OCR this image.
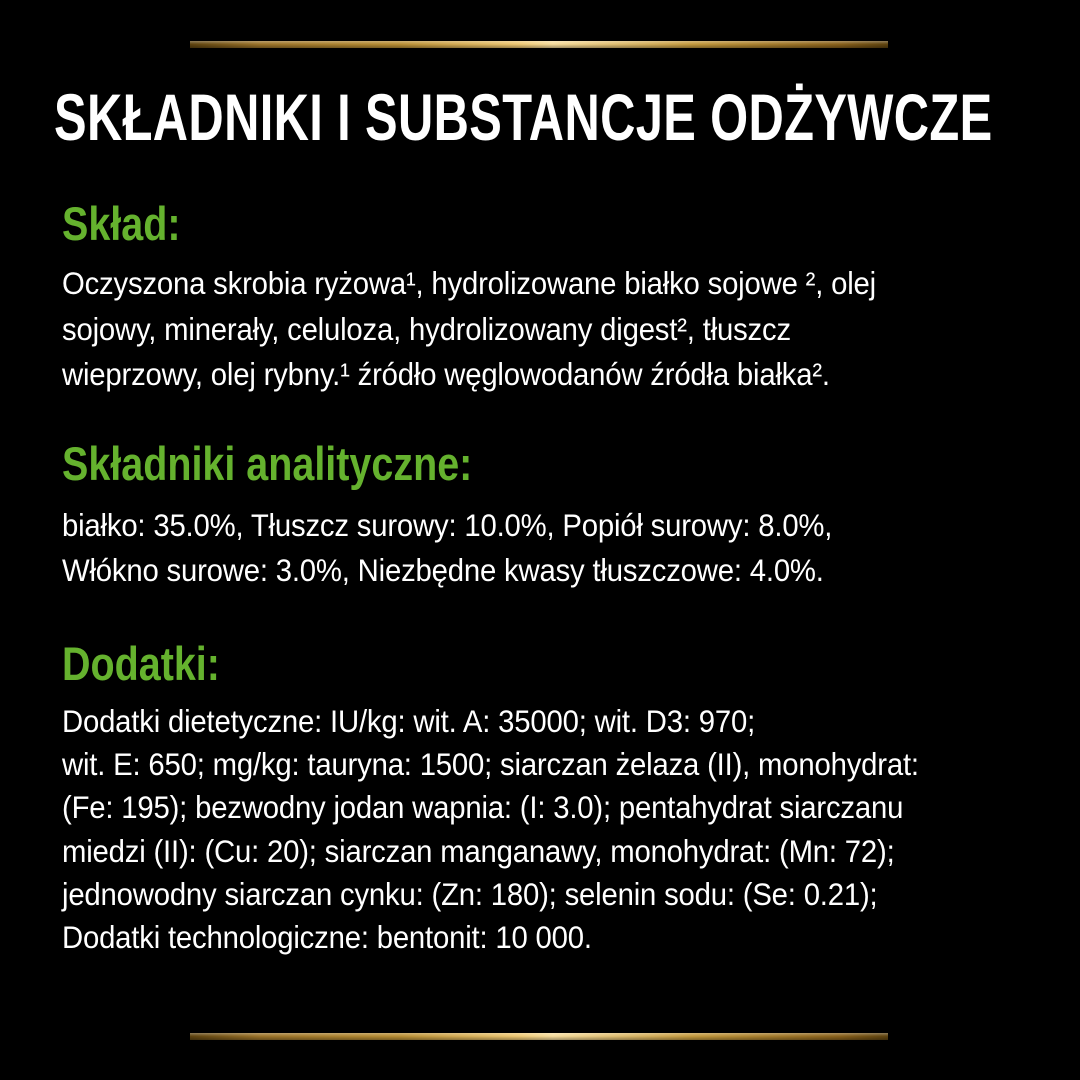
SKŁADNIKI I SUBSTANCJE ODŻYWCZE
Skład:
Oczyszona skrobia ryżowa¹, hydrolizowane białko sojowe ², olej
sojowy, minerały, celuloza, hydrolizowany digest², tłuszcz
wieprzowy, olej rybny.¹ źródło węglowodanów źródła białka².
Składniki analityczne:
białko: 35.0%, Tłuszcz surowy: 10.0%, Popiół surowy: 8.0%,
Włókno surowe: 3.0%, Niezbędne kwasy tłuszczowe: 4.0%.
Dodatki:
Dodatki dietetyczne: IU/kg: wit. A: 35000; wit. D3: 970;
wit. E: 650; mg/kg: tauryna: 1500; siarczan żelaza (II), monohydrat:
(Fe: 195); bezwodny jodan wapnia: (I: 3.0); pentahydrat siarczanu
miedzi (II): (Cu: 20); siarczan manganawy, monohydrat: (Mn: 72);
jednowodny siarczan cynku: (Zn: 180); selenin sodu: (Se: 0.21);
Dodatki technologiczne: bentonit: 10 000.
